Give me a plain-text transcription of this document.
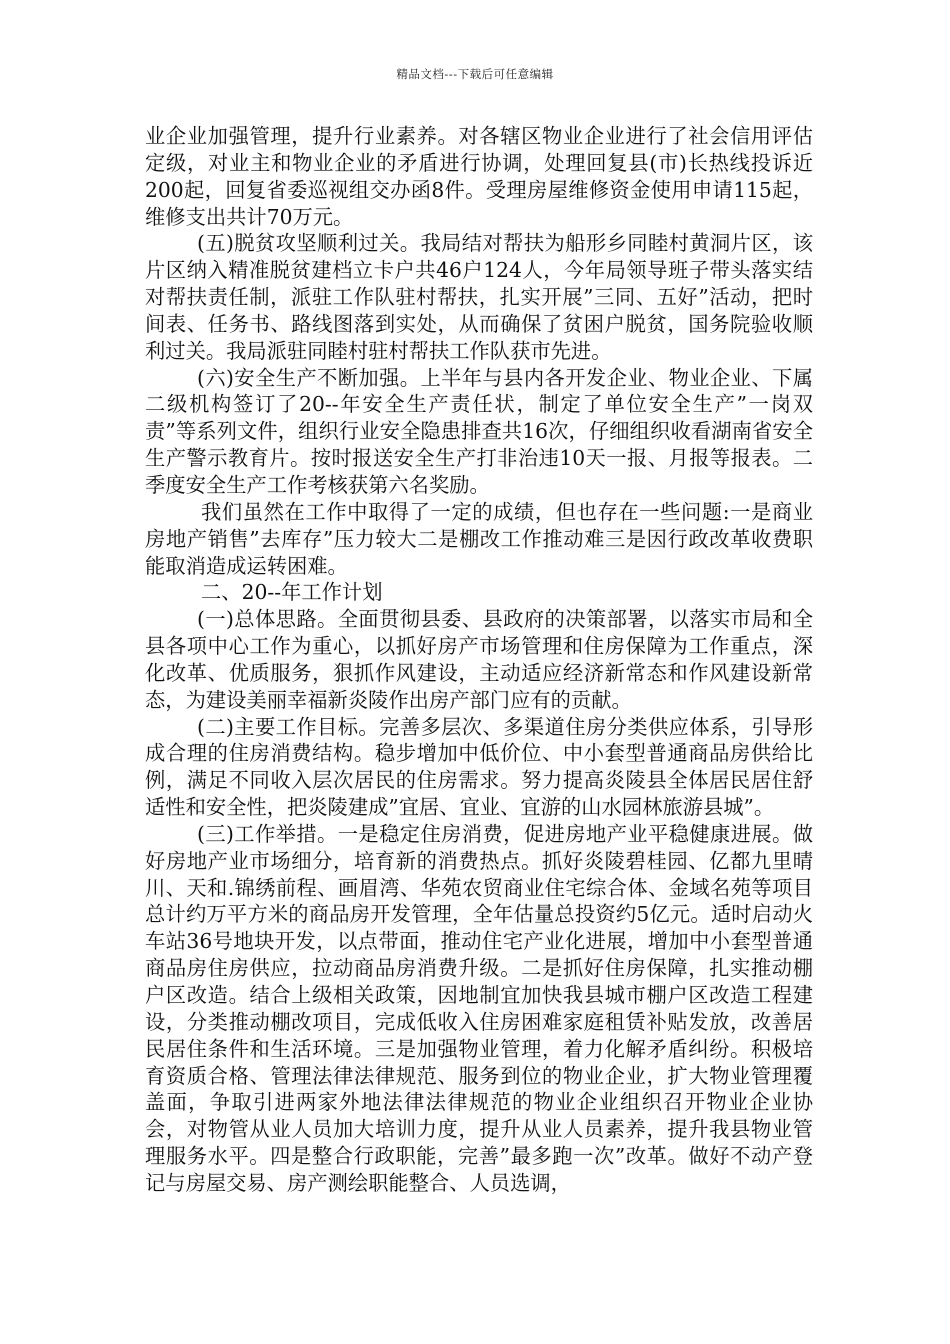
精品文档---下载后可任意编辑

业企业加强管理，提升行业素养。对各辖区物业企业进行了社会信用评估定级，对业主和物业企业的矛盾进行协调，处理回复县(市)长热线投诉近200起，回复省委巡视组交办函8件。受理房屋维修资金使用申请115起，维修支出共计70万元。

(五)脱贫攻坚顺利过关。我局结对帮扶为船形乡同睦村黄洞片区，该片区纳入精准脱贫建档立卡户共46户124人，今年局领导班子带头落实结对帮扶责任制，派驻工作队驻村帮扶，扎实开展”三同、五好”活动，把时间表、任务书、路线图落到实处，从而确保了贫困户脱贫，国务院验收顺利过关。我局派驻同睦村驻村帮扶工作队获市先进。

(六)安全生产不断加强。上半年与县内各开发企业、物业企业、下属二级机构签订了20--年安全生产责任状，制定了单位安全生产”一岗双责”等系列文件，组织行业安全隐患排查共16次，仔细组织收看湖南省安全生产警示教育片。按时报送安全生产打非治违10天一报、月报等报表。二季度安全生产工作考核获第六名奖励。

我们虽然在工作中取得了一定的成绩，但也存在一些问题:一是商业房地产销售”去库存”压力较大二是棚改工作推动难三是因行政改革收费职能取消造成运转困难。

二、20--年工作计划

(一)总体思路。全面贯彻县委、县政府的决策部署，以落实市局和全县各项中心工作为重心，以抓好房产市场管理和住房保障为工作重点，深化改革、优质服务，狠抓作风建设，主动适应经济新常态和作风建设新常态，为建设美丽幸福新炎陵作出房产部门应有的贡献。

(二)主要工作目标。完善多层次、多渠道住房分类供应体系，引导形成合理的住房消费结构。稳步增加中低价位、中小套型普通商品房供给比例，满足不同收入层次居民的住房需求。努力提高炎陵县全体居民居住舒适性和安全性，把炎陵建成”宜居、宜业、宜游的山水园林旅游县城”。

(三)工作举措。一是稳定住房消费，促进房地产业平稳健康进展。做好房地产业市场细分，培育新的消费热点。抓好炎陵碧桂园、亿都九里晴川、天和.锦绣前程、画眉湾、华苑农贸商业住宅综合体、金域名苑等项目总计约万平方米的商品房开发管理，全年估量总投资约5亿元。适时启动火车站36号地块开发，以点带面，推动住宅产业化进展，增加中小套型普通商品房住房供应，拉动商品房消费升级。二是抓好住房保障，扎实推动棚户区改造。结合上级相关政策，因地制宜加快我县城市棚户区改造工程建设，分类推动棚改项目，完成低收入住房困难家庭租赁补贴发放，改善居民居住条件和生活环境。三是加强物业管理，着力化解矛盾纠纷。积极培育资质合格、管理法律法律规范、服务到位的物业企业，扩大物业管理覆盖面，争取引进两家外地法律法律规范的物业企业组织召开物业企业协会，对物管从业人员加大培训力度，提升从业人员素养，提升我县物业管理服务水平。四是整合行政职能，完善”最多跑一次”改革。做好不动产登记与房屋交易、房产测绘职能整合、人员选调，
